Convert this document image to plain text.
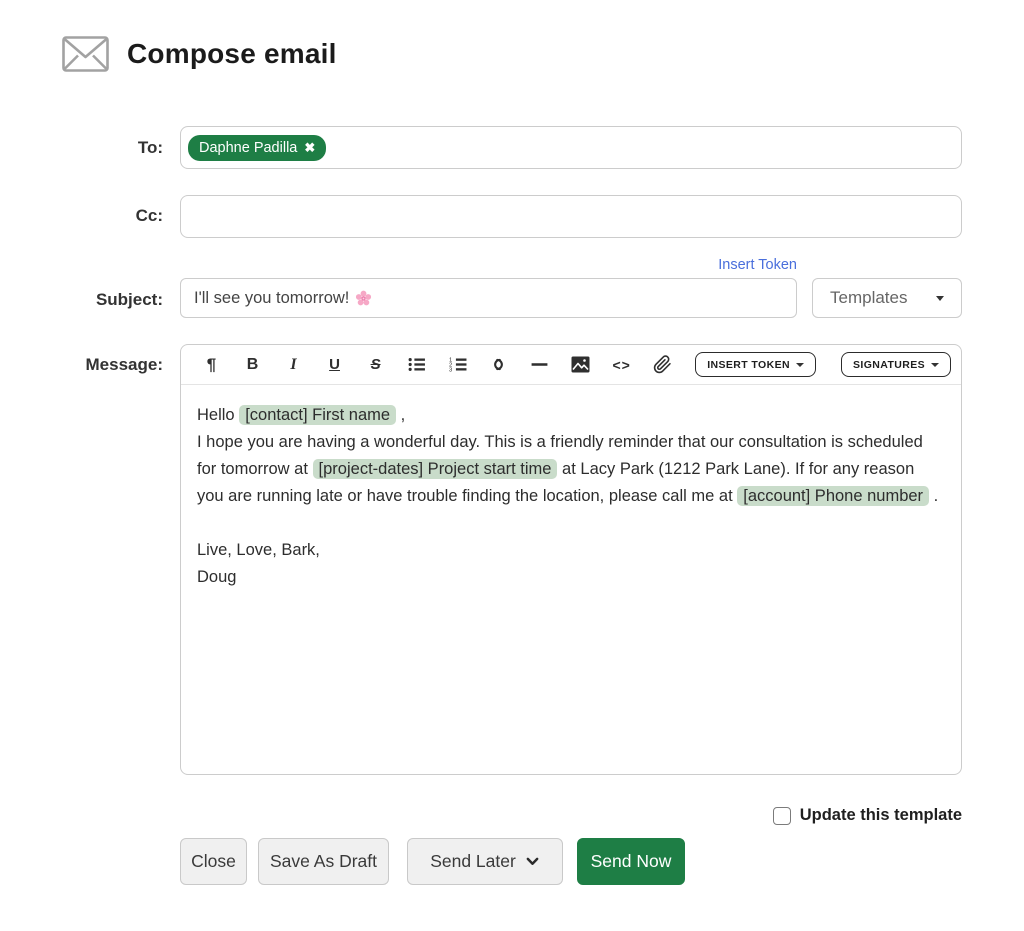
Compose email
To: Daphne Padilla ✖
Cc:
Insert Token
Subject: I'll see you tomorrow!	Templates
Message:	¶	B	I	U	S	1
2
3	<>	INSERT TOKEN	SIGNATURES
Hello [contact] First name ,
I hope you are having a wonderful day. This is a friendly reminder that our consultation is scheduled for tomorrow at [project-dates] Project start time at Lacy Park (1212 Park Lane). If for any reason you are running late or have trouble finding the location, please call me at [account] Phone number .

Live, Love, Bark,
Doug
Update this template
Close	Save As Draft	Send Later	Send Now
